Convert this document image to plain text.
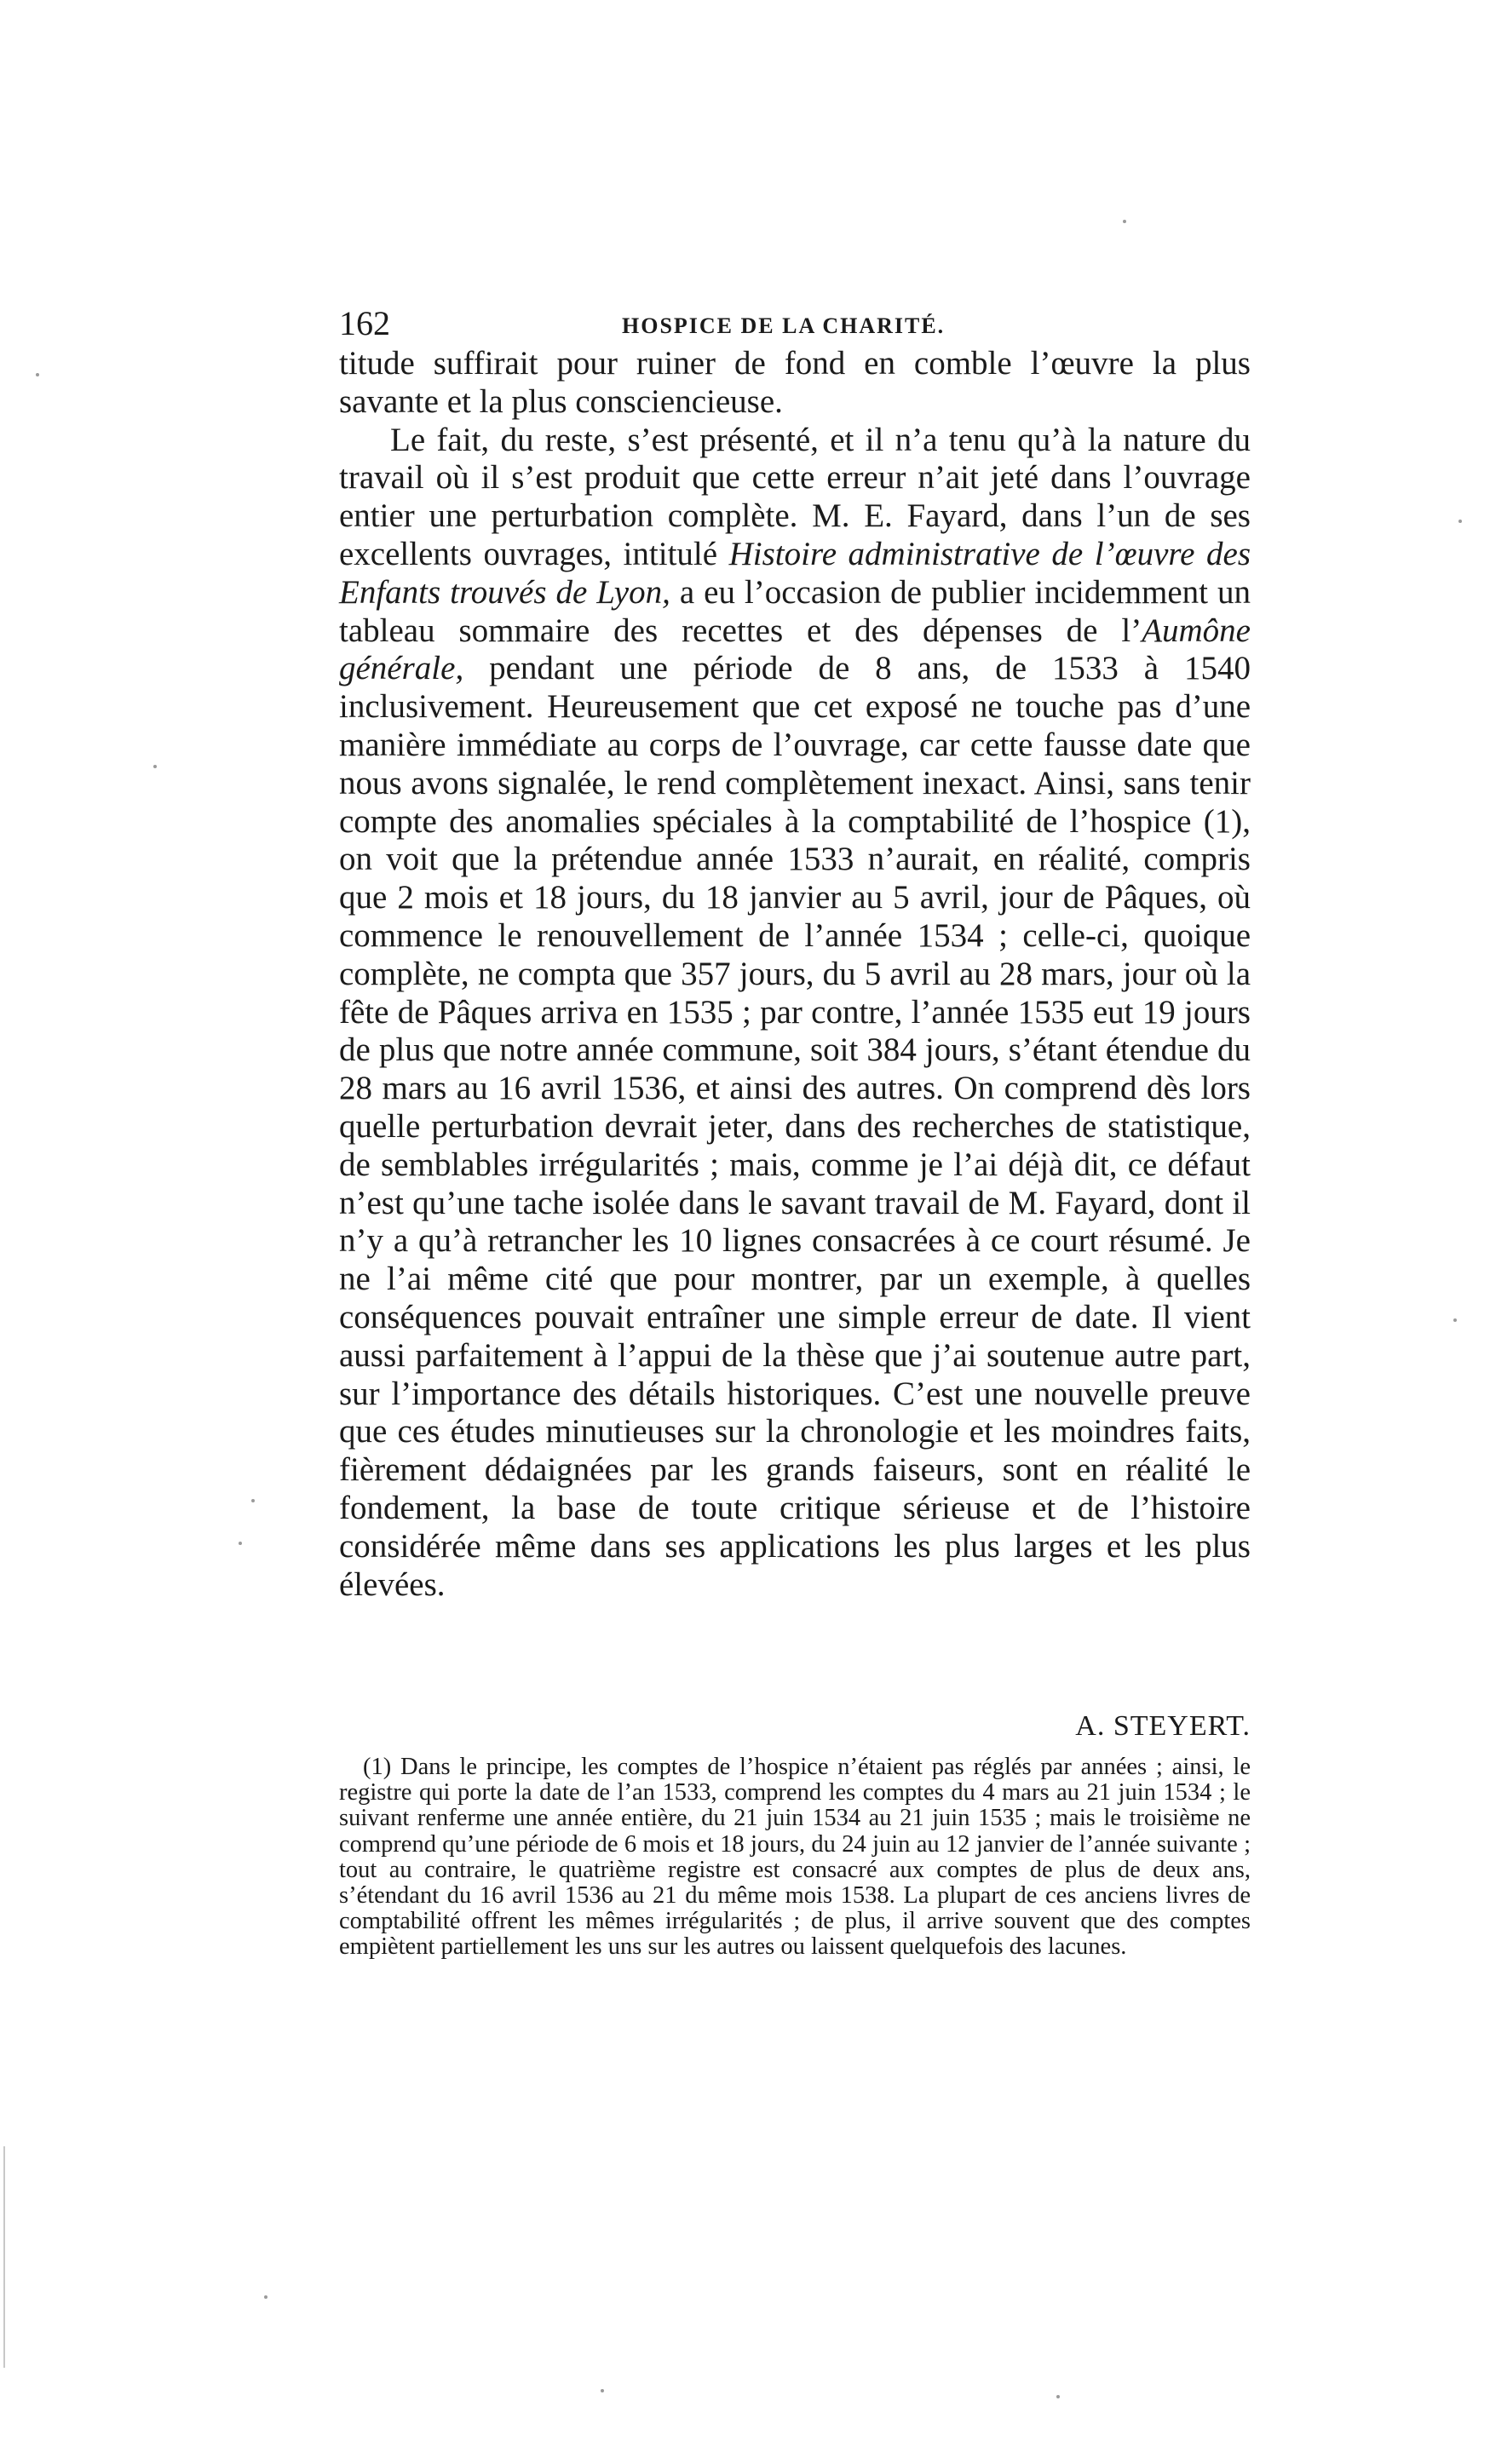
162	HOSPICE DE LA CHARITÉ.
titude suffirait pour ruiner de fond en comble l’œuvre la plus savante et la plus consciencieuse.
Le fait, du reste, s’est présenté, et il n’a tenu qu’à la nature du travail où il s’est produit que cette erreur n’ait jeté dans l’ouvrage entier une perturbation complète. M. E. Fayard, dans l’un de ses excellents ouvrages, intitulé Histoire administrative de l’œuvre des Enfants trouvés de Lyon, a eu l’occasion de publier incidemment un tableau sommaire des recettes et des dépenses de l’Aumône générale, pendant une période de 8 ans, de 1533 à 1540 inclusivement. Heureusement que cet exposé ne touche pas d’une manière immédiate au corps de l’ouvrage, car cette fausse date que nous avons signalée, le rend complètement inexact. Ainsi, sans tenir compte des anomalies spéciales à la comptabilité de l’hospice (1), on voit que la prétendue année 1533 n’aurait, en réalité, compris que 2 mois et 18 jours, du 18 janvier au 5 avril, jour de Pâques, où commence le renouvellement de l’année 1534 ; celle-ci, quoique complète, ne compta que 357 jours, du 5 avril au 28 mars, jour où la fête de Pâques arriva en 1535 ; par contre, l’année 1535 eut 19 jours de plus que notre année commune, soit 384 jours, s’étant étendue du 28 mars au 16 avril 1536, et ainsi des autres. On comprend dès lors quelle perturbation devrait jeter, dans des recherches de statistique, de semblables irrégularités ; mais, comme je l’ai déjà dit, ce défaut n’est qu’une tache isolée dans le savant travail de M. Fayard, dont il n’y a qu’à retrancher les 10 lignes consacrées à ce court résumé. Je ne l’ai même cité que pour montrer, par un exemple, à quelles conséquences pouvait entraîner une simple erreur de date. Il vient aussi parfaitement à l’appui de la thèse que j’ai soutenue autre part, sur l’importance des détails historiques. C’est une nouvelle preuve que ces études minutieuses sur la chronologie et les moindres faits, fièrement dédaignées par les grands faiseurs, sont en réalité le fondement, la base de toute critique sérieuse et de l’histoire considérée même dans ses applications les plus larges et les plus élevées.
A. STEYERT.

(1) Dans le principe, les comptes de l’hospice n’étaient pas réglés par années ; ainsi, le registre qui porte la date de l’an 1533, comprend les comptes du 4 mars au 21 juin 1534 ; le suivant renferme une année entière, du 21 juin 1534 au 21 juin 1535 ; mais le troisième ne comprend qu’une période de 6 mois et 18 jours, du 24 juin au 12 janvier de l’année suivante ; tout au contraire, le quatrième registre est consacré aux comptes de plus de deux ans, s’étendant du 16 avril 1536 au 21 du même mois 1538. La plupart de ces anciens livres de comptabilité offrent les mêmes irrégularités ; de plus, il arrive souvent que des comptes empiètent partiellement les uns sur les autres ou laissent quelquefois des lacunes.
